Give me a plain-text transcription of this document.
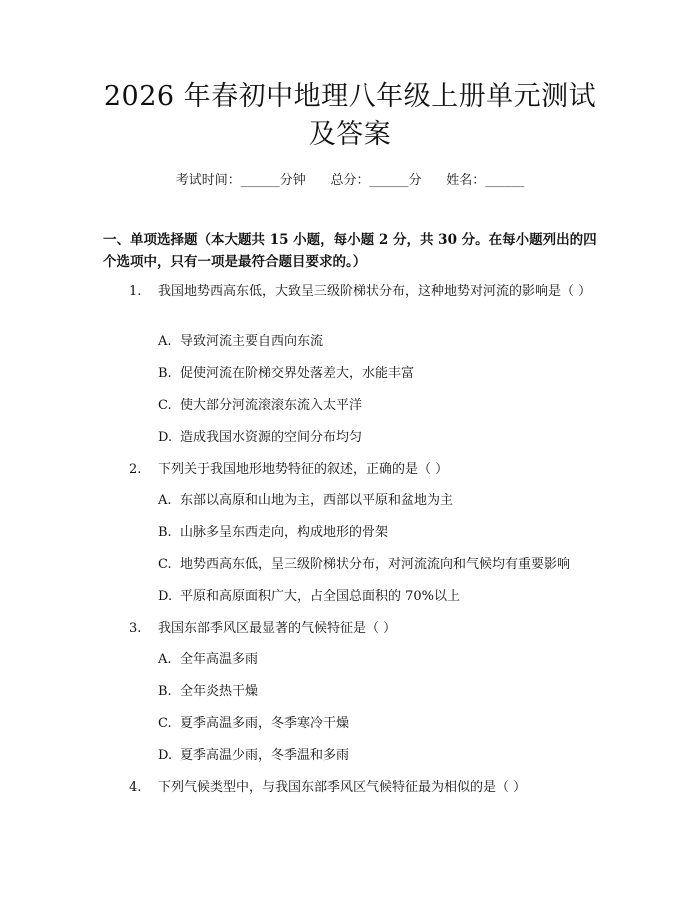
2026 年春初中地理八年级上册单元测试及答案
考试时间：______分钟      总分：______分      姓名：______

一、单项选择题（本大题共 15 小题，每小题 2 分，共 30 分。在每小题列出的四个选项中，只有一项是最符合题目要求的。）

1. 我国地势西高东低，大致呈三级阶梯状分布，这种地势对河流的影响是（ ）
A. 导致河流主要自西向东流
B. 促使河流在阶梯交界处落差大，水能丰富
C. 使大部分河流滚滚东流入太平洋
D. 造成我国水资源的空间分布均匀
2. 下列关于我国地形地势特征的叙述，正确的是（ ）
A. 东部以高原和山地为主，西部以平原和盆地为主
B. 山脉多呈东西走向，构成地形的骨架
C. 地势西高东低，呈三级阶梯状分布，对河流流向和气候均有重要影响
D. 平原和高原面积广大，占全国总面积的 70%以上
3. 我国东部季风区最显著的气候特征是（ ）
A. 全年高温多雨
B. 全年炎热干燥
C. 夏季高温多雨，冬季寒冷干燥
D. 夏季高温少雨，冬季温和多雨
4. 下列气候类型中，与我国东部季风区气候特征最为相似的是（ ）
